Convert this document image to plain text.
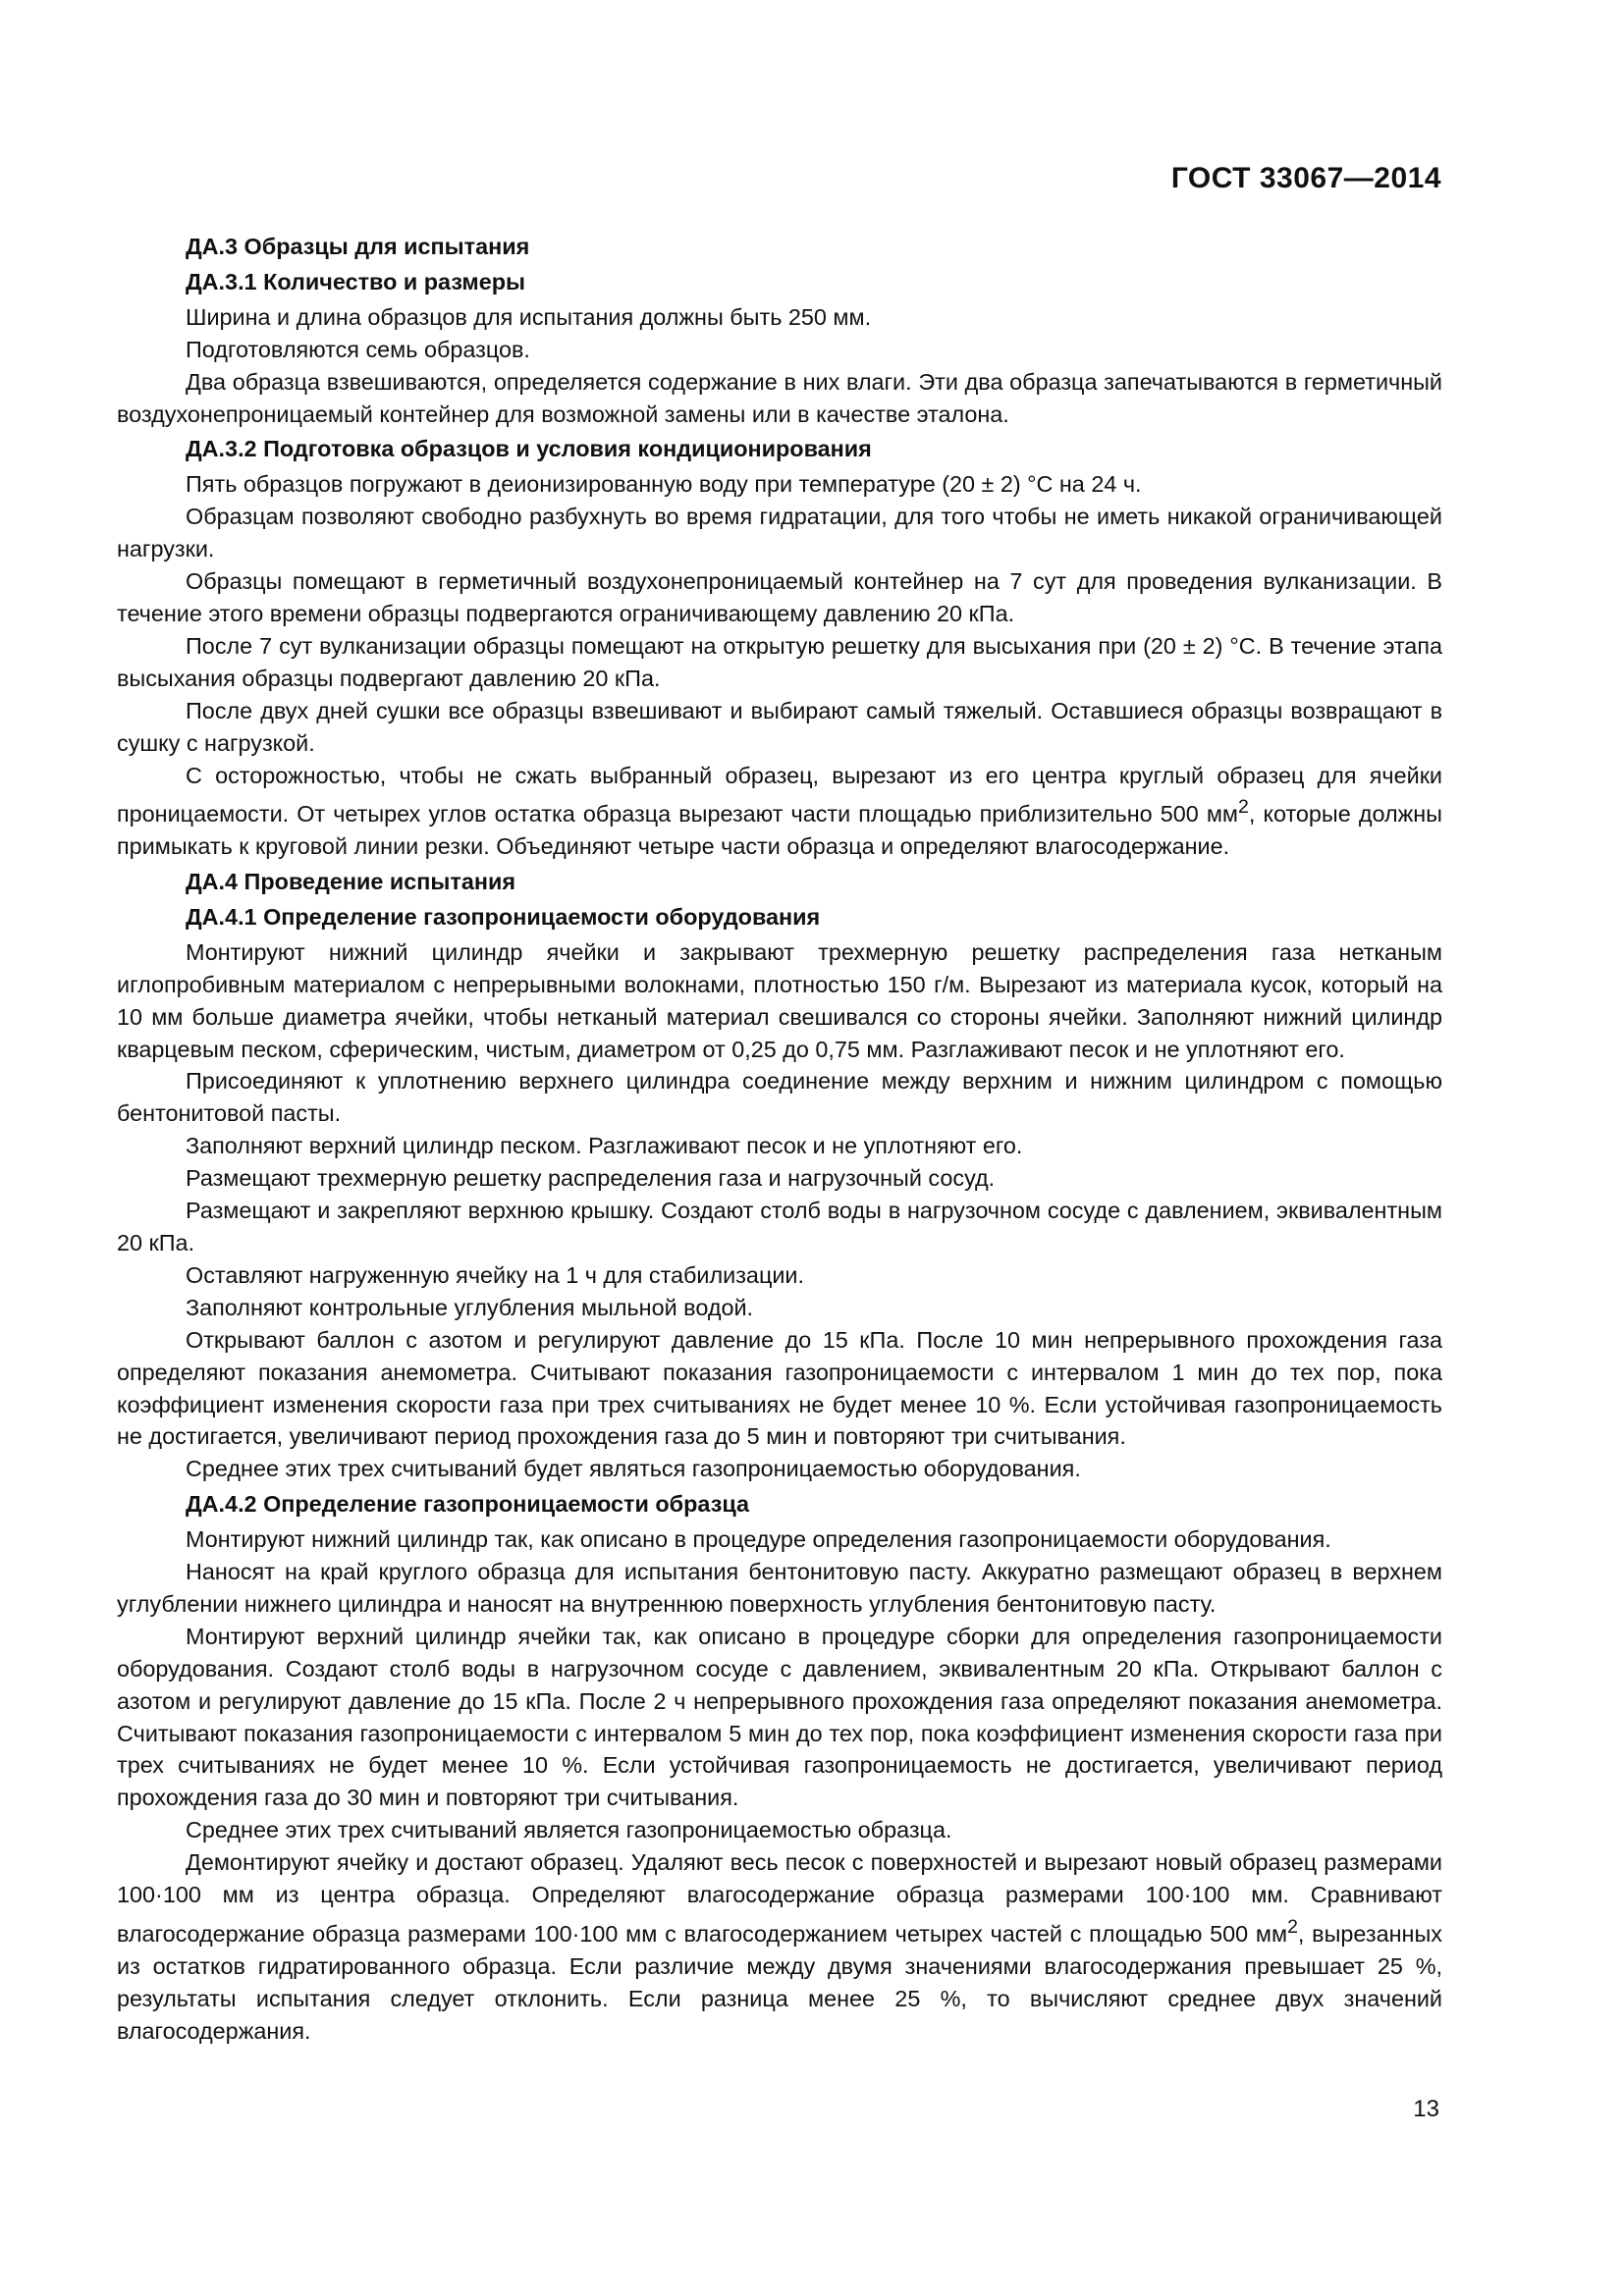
ГОСТ 33067—2014

ДА.3 Образцы для испытания

ДА.3.1 Количество и размеры

Ширина и длина образцов для испытания должны быть 250 мм.

Подготовляются семь образцов.

Два образца взвешиваются, определяется содержание в них влаги. Эти два образца запечатываются в герметичный воздухонепроницаемый контейнер для возможной замены или в качестве эталона.

ДА.3.2 Подготовка образцов и условия кондиционирования

Пять образцов погружают в деионизированную воду при температуре (20 ± 2) °С на 24 ч.

Образцам позволяют свободно разбухнуть во время гидратации, для того чтобы не иметь никакой ограничивающей нагрузки.

Образцы помещают в герметичный воздухонепроницаемый контейнер на 7 сут для проведения вулканизации. В течение этого времени образцы подвергаются ограничивающему давлению 20 кПа.

После 7 сут вулканизации образцы помещают на открытую решетку для высыхания при (20 ± 2) °С. В течение этапа высыхания образцы подвергают давлению 20 кПа.

После двух дней сушки все образцы взвешивают и выбирают самый тяжелый. Оставшиеся образцы возвращают в сушку с нагрузкой.

С осторожностью, чтобы не сжать выбранный образец, вырезают из его центра круглый образец для ячейки проницаемости. От четырех углов остатка образца вырезают части площадью приблизительно 500 $мм^2$, которые должны примыкать к круговой линии резки. Объединяют четыре части образца и определяют влагосодержание.

ДА.4 Проведение испытания

ДА.4.1 Определение газопроницаемости оборудования

Монтируют нижний цилиндр ячейки и закрывают трехмерную решетку распределения газа нетканым иглопробивным материалом с непрерывными волокнами, плотностью 150 г/м. Вырезают из материала кусок, который на 10 мм больше диаметра ячейки, чтобы нетканый материал свешивался со стороны ячейки. Заполняют нижний цилиндр кварцевым песком, сферическим, чистым, диаметром от 0,25 до 0,75 мм. Разглаживают песок и не уплотняют его.

Присоединяют к уплотнению верхнего цилиндра соединение между верхним и нижним цилиндром с помощью бентонитовой пасты.

Заполняют верхний цилиндр песком. Разглаживают песок и не уплотняют его.

Размещают трехмерную решетку распределения газа и нагрузочный сосуд.

Размещают и закрепляют верхнюю крышку. Создают столб воды в нагрузочном сосуде с давлением, эквивалентным 20 кПа.

Оставляют нагруженную ячейку на 1 ч для стабилизации.

Заполняют контрольные углубления мыльной водой.

Открывают баллон с азотом и регулируют давление до 15 кПа. После 10 мин непрерывного прохождения газа определяют показания анемометра. Считывают показания газопроницаемости с интервалом 1 мин до тех пор, пока коэффициент изменения скорости газа при трех считываниях не будет менее 10 %. Если устойчивая газопроницаемость не достигается, увеличивают период прохождения газа до 5 мин и повторяют три считывания.

Среднее этих трех считываний будет являться газопроницаемостью оборудования.

ДА.4.2 Определение газопроницаемости образца

Монтируют нижний цилиндр так, как описано в процедуре определения газопроницаемости оборудования.

Наносят на край круглого образца для испытания бентонитовую пасту. Аккуратно размещают образец в верхнем углублении нижнего цилиндра и наносят на внутреннюю поверхность углубления бентонитовую пасту.

Монтируют верхний цилиндр ячейки так, как описано в процедуре сборки для определения газопроницаемости оборудования. Создают столб воды в нагрузочном сосуде с давлением, эквивалентным 20 кПа. Открывают баллон с азотом и регулируют давление до 15 кПа. После 2 ч непрерывного прохождения газа определяют показания анемометра. Считывают показания газопроницаемости с интервалом 5 мин до тех пор, пока коэффициент изменения скорости газа при трех считываниях не будет менее 10 %. Если устойчивая газопроницаемость не достигается, увеличивают период прохождения газа до 30 мин и повторяют три считывания.

Среднее этих трех считываний является газопроницаемостью образца.

Демонтируют ячейку и достают образец. Удаляют весь песок с поверхностей и вырезают новый образец размерами 100·100 мм из центра образца. Определяют влагосодержание образца размерами 100·100 мм. Сравнивают влагосодержание образца размерами 100·100 мм с влагосодержанием четырех частей с площадью 500 $мм^2$, вырезанных из остатков гидратированного образца. Если различие между двумя значениями влагосодержания превышает 25 %, результаты испытания следует отклонить. Если разница менее 25 %, то вычисляют среднее двух значений влагосодержания.

13
